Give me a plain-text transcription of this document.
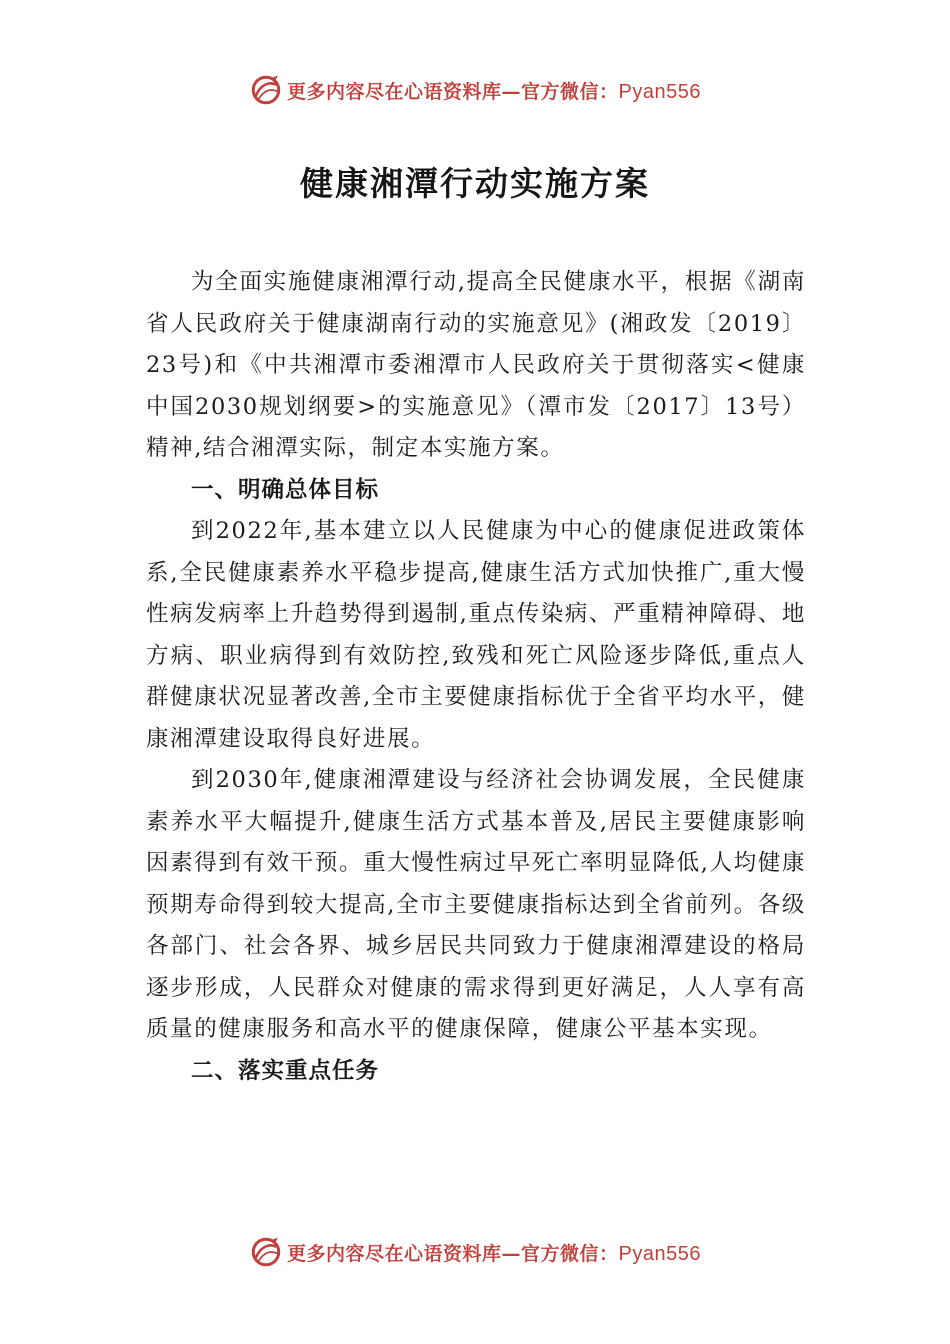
更多内容尽在心语资料库—官方微信：Pyan556
健康湘潭行动实施方案

为全面实施健康湘潭行动,提高全民健康水平，根据《湖南省人民政府关于健康湖南行动的实施意见》(湘政发〔2019〕23号)和《中共湘潭市委湘潭市人民政府关于贯彻落实<健康中国2030规划纲要>的实施意见》（潭市发〔2017〕13号）精神,结合湘潭实际，制定本实施方案。

一、明确总体目标

到2022年,基本建立以人民健康为中心的健康促进政策体系,全民健康素养水平稳步提高,健康生活方式加快推广,重大慢性病发病率上升趋势得到遏制,重点传染病、严重精神障碍、地方病、职业病得到有效防控,致残和死亡风险逐步降低,重点人群健康状况显著改善,全市主要健康指标优于全省平均水平，健康湘潭建设取得良好进展。

到2030年,健康湘潭建设与经济社会协调发展，全民健康素养水平大幅提升,健康生活方式基本普及,居民主要健康影响因素得到有效干预。重大慢性病过早死亡率明显降低,人均健康预期寿命得到较大提高,全市主要健康指标达到全省前列。各级各部门、社会各界、城乡居民共同致力于健康湘潭建设的格局逐步形成，人民群众对健康的需求得到更好满足，人人享有高质量的健康服务和高水平的健康保障，健康公平基本实现。

二、落实重点任务

更多内容尽在心语资料库—官方微信：Pyan556
